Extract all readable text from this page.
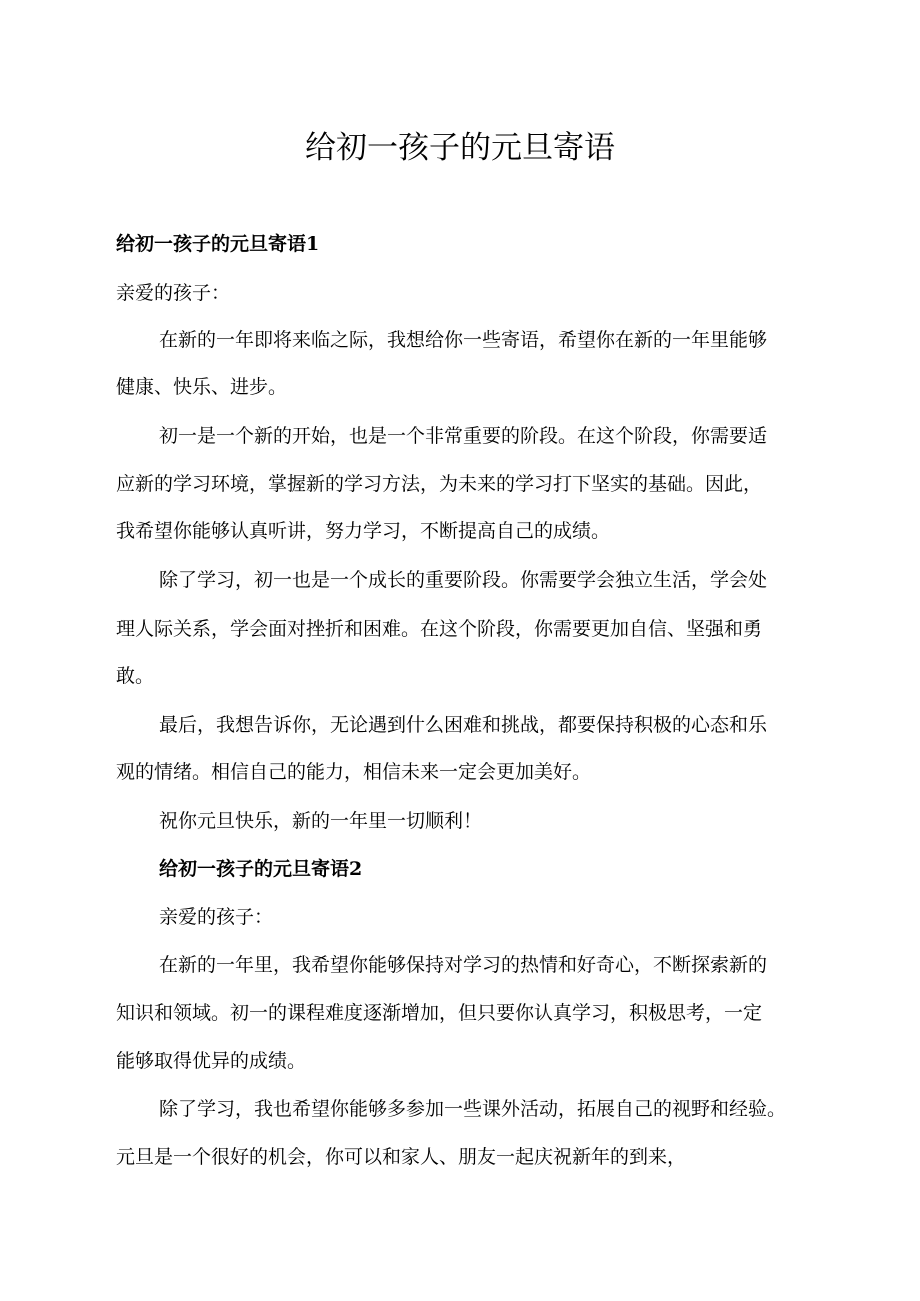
给初一孩子的元旦寄语
给初一孩子的元旦寄语1
亲爱的孩子：
在新的一年即将来临之际，我想给你一些寄语，希望你在新的一年里能够
健康、快乐、进步。
初一是一个新的开始，也是一个非常重要的阶段。在这个阶段，你需要适
应新的学习环境，掌握新的学习方法，为未来的学习打下坚实的基础。因此，
我希望你能够认真听讲，努力学习，不断提高自己的成绩。
除了学习，初一也是一个成长的重要阶段。你需要学会独立生活，学会处
理人际关系，学会面对挫折和困难。在这个阶段，你需要更加自信、坚强和勇
敢。
最后，我想告诉你，无论遇到什么困难和挑战，都要保持积极的心态和乐
观的情绪。相信自己的能力，相信未来一定会更加美好。
祝你元旦快乐，新的一年里一切顺利！
给初一孩子的元旦寄语2
亲爱的孩子：
在新的一年里，我希望你能够保持对学习的热情和好奇心，不断探索新的
知识和领域。初一的课程难度逐渐增加，但只要你认真学习，积极思考，一定
能够取得优异的成绩。
除了学习，我也希望你能够多参加一些课外活动，拓展自己的视野和经验。
元旦是一个很好的机会，你可以和家人、朋友一起庆祝新年的到来，
